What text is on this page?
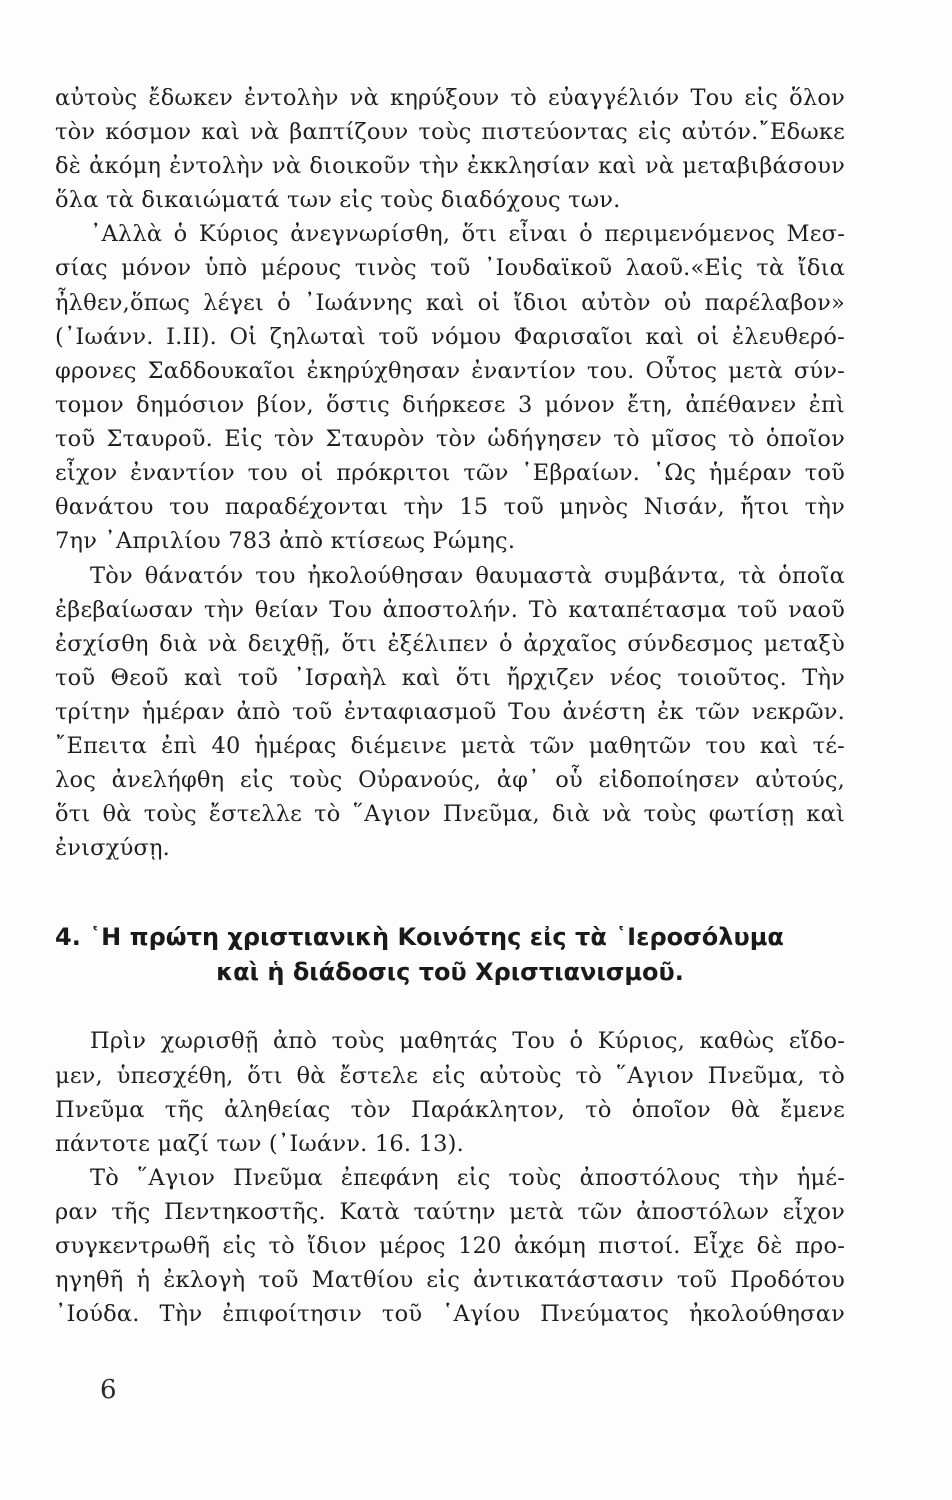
αὐτοὺς ἔδωκεν ἐντολὴν νὰ κηρύξουν τὸ εὐαγγέλιόν Του εἰς ὅλον
τὸν κόσμον καὶ νὰ βαπτίζουν τοὺς πιστεύοντας εἰς αὐτόν.῎Εδωκε
δὲ ἀκόμη ἐντολὴν νὰ διοικοῦν τὴν ἐκκλησίαν καὶ νὰ μεταβιβάσουν
ὅλα τὰ δικαιώματά των εἰς τοὺς διαδόχους των.
᾽Αλλὰ ὁ Κύριος ἀνεγνωρίσθη, ὅτι εἶναι ὁ περιμενόμενος Μεσ-
σίας μόνον ὑπὸ μέρους τινὸς τοῦ ᾽Ιουδαϊκοῦ λαοῦ.«Εἰς τὰ ἴδια
ἦλθεν,ὅπως λέγει ὁ ᾽Ιωάννης καὶ οἱ ἴδιοι αὐτὸν οὐ παρέλαβον»
(᾽Ιωάνν. Ι.ΙΙ). Οἱ ζηλωταὶ τοῦ νόμου Φαρισαῖοι καὶ οἱ ἐλευθερό-
φρονες Σαδδουκαῖοι ἐκηρύχθησαν ἐναντίον του. Οὗτος μετὰ σύν-
τομον δημόσιον βίον, ὅστις διήρκεσε 3 μόνον ἔτη, ἀπέθανεν ἐπὶ
τοῦ Σταυροῦ. Εἰς τὸν Σταυρὸν τὸν ὡδήγησεν τὸ μῖσος τὸ ὁποῖον
εἶχον ἐναντίον του οἱ πρόκριτοι τῶν ῾Εβραίων. ῾Ως ἡμέραν τοῦ
θανάτου του παραδέχονται τὴν 15 τοῦ μηνὸς Νισάν, ἤτοι τὴν
7ην ᾽Απριλίου 783 ἀπὸ κτίσεως Ρώμης.
Τὸν θάνατόν του ἠκολούθησαν θαυμαστὰ συμβάντα, τὰ ὁποῖα
ἐβεβαίωσαν τὴν θείαν Του ἀποστολήν. Τὸ καταπέτασμα τοῦ ναοῦ
ἐσχίσθη διὰ νὰ δειχθῇ, ὅτι ἐξέλιπεν ὁ ἀρχαῖος σύνδεσμος μεταξὺ
τοῦ Θεοῦ καὶ τοῦ ᾽Ισραὴλ καὶ ὅτι ἤρχιζεν νέος τοιοῦτος. Τὴν
τρίτην ἡμέραν ἀπὸ τοῦ ἐνταφιασμοῦ Του ἀνέστη ἐκ τῶν νεκρῶν.
῎Επειτα ἐπὶ 40 ἡμέρας διέμεινε μετὰ τῶν μαθητῶν του καὶ τέ-
λος ἀνελήφθη εἰς τοὺς Οὐρανούς, ἀφ᾽ οὗ εἰδοποίησεν αὐτούς,
ὅτι θὰ τοὺς ἔστελλε τὸ ῞Αγιον Πνεῦμα, διὰ νὰ τοὺς φωτίσῃ καὶ
ἐνισχύσῃ.
4. ῾Η πρώτη χριστιανικὴ Κοινότης εἰς τὰ ῾Ιεροσόλυμα
καὶ ἡ διάδοσις τοῦ Χριστιανισμοῦ.
Πρὶν χωρισθῇ ἀπὸ τοὺς μαθητάς Του ὁ Κύριος, καθὼς εἴδο-
μεν, ὑπεσχέθη, ὅτι θὰ ἔστελε εἰς αὐτοὺς τὸ ῞Αγιον Πνεῦμα, τὸ
Πνεῦμα τῆς ἀληθείας τὸν Παράκλητον, τὸ ὁποῖον θὰ ἔμενε
πάντοτε μαζί των (᾽Ιωάνν. 16. 13).
Τὸ ῞Αγιον Πνεῦμα ἐπεφάνη εἰς τοὺς ἀποστόλους τὴν ἡμέ-
ραν τῆς Πεντηκοστῆς. Κατὰ ταύτην μετὰ τῶν ἀποστόλων εἶχον
συγκεντρωθῆ εἰς τὸ ἴδιον μέρος 120 ἀκόμη πιστοί. Εἶχε δὲ προ-
ηγηθῆ ἡ ἐκλογὴ τοῦ Ματθίου εἰς ἀντικατάστασιν τοῦ Προδότου
᾽Ιούδα. Τὴν ἐπιφοίτησιν τοῦ ῾Αγίου Πνεύματος ἠκολούθησαν
6
